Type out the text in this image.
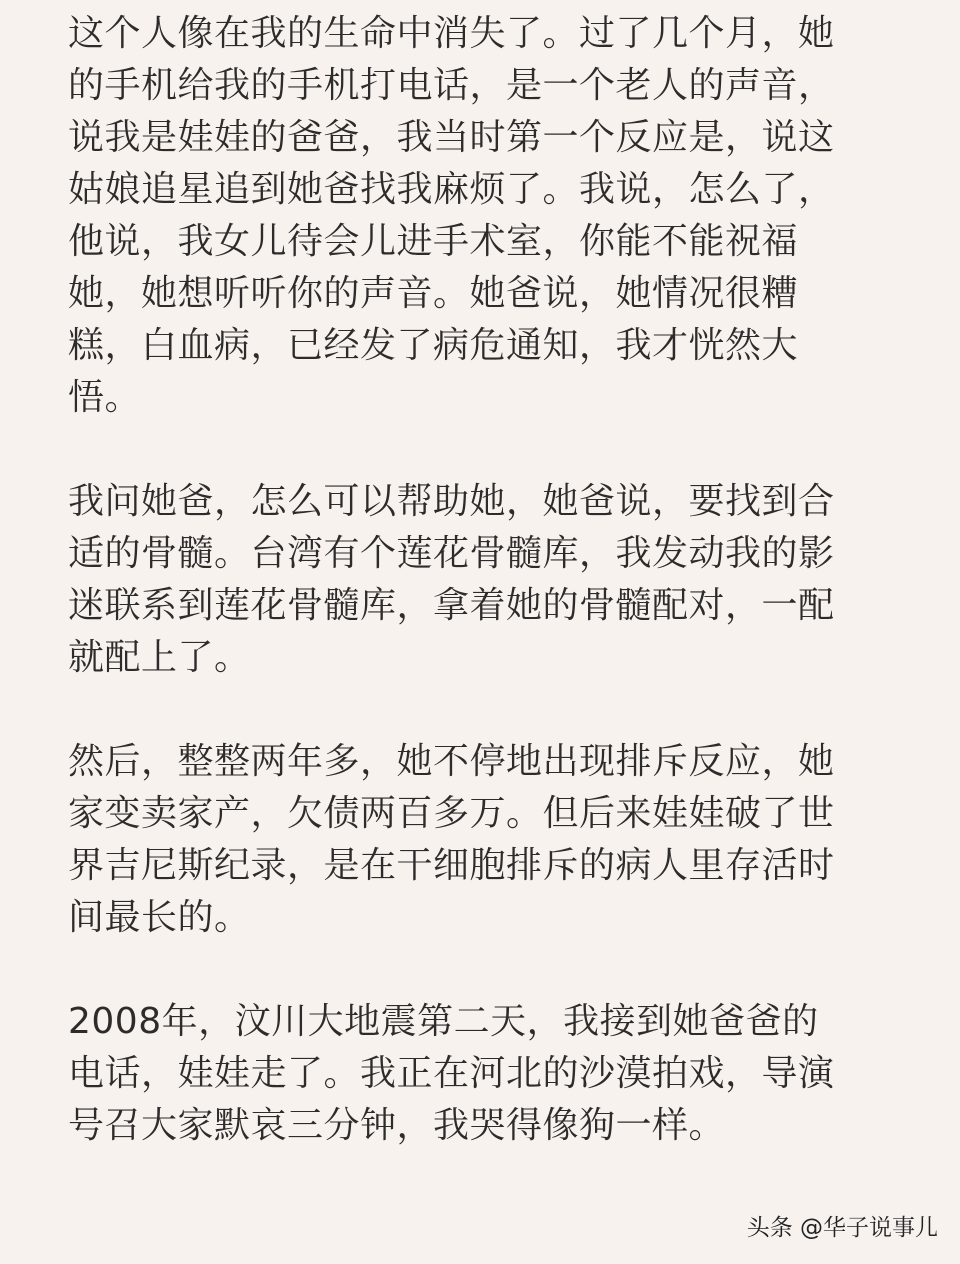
这个人像在我的生命中消失了。过了几个月，她
的手机给我的手机打电话，是一个老人的声音，
说我是娃娃的爸爸，我当时第一个反应是，说这
姑娘追星追到她爸找我麻烦了。我说，怎么了，
他说，我女儿待会儿进手术室，你能不能祝福
她，她想听听你的声音。她爸说，她情况很糟
糕，白血病，已经发了病危通知，我才恍然大
悟。
我问她爸，怎么可以帮助她，她爸说，要找到合
适的骨髓。台湾有个莲花骨髓库，我发动我的影
迷联系到莲花骨髓库，拿着她的骨髓配对，一配
就配上了。
然后，整整两年多，她不停地出现排斥反应，她
家变卖家产，欠债两百多万。但后来娃娃破了世
界吉尼斯纪录，是在干细胞排斥的病人里存活时
间最长的。
2008年，汶川大地震第二天，我接到她爸爸的
电话，娃娃走了。我正在河北的沙漠拍戏，导演
号召大家默哀三分钟，我哭得像狗一样。
头条 @华子说事儿
